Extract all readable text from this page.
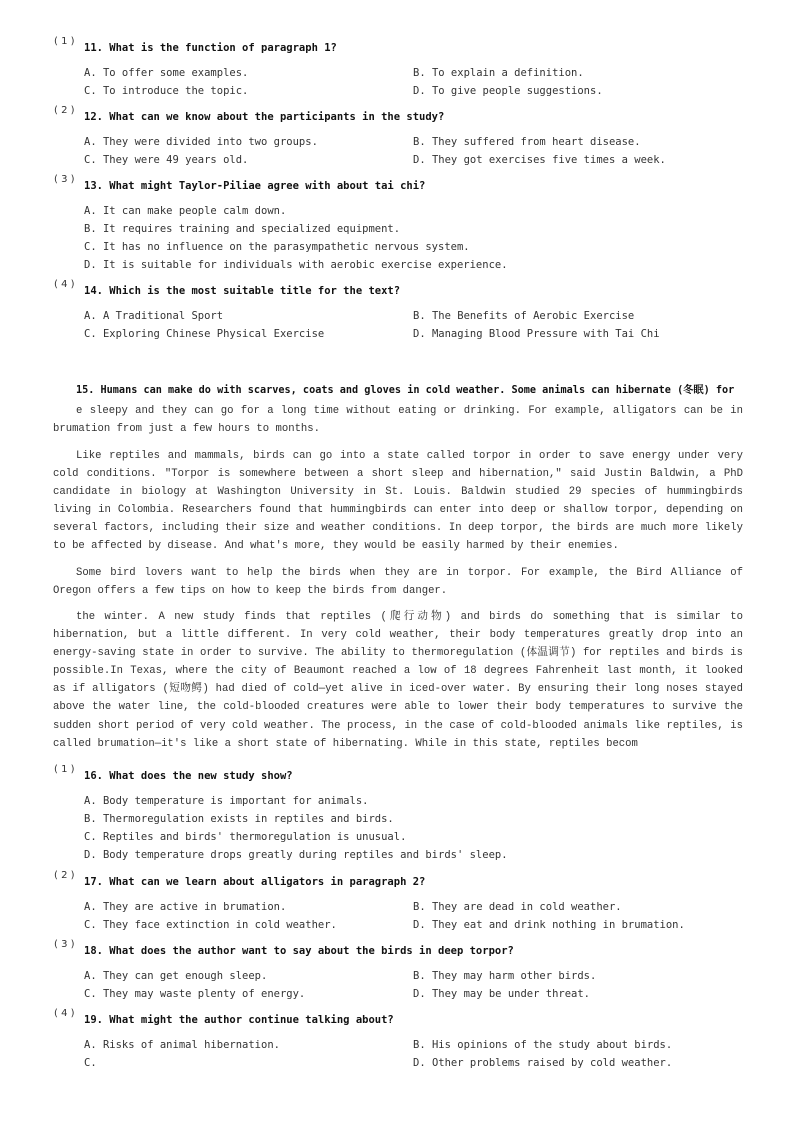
( 1 )
11. What is the function of paragraph 1?
A. To offer some examples.	B. To explain a definition.
C. To introduce the topic.	D. To give people suggestions.
( 2 )
12. What can we know about the participants in the study?
A. They were divided into two groups.	B. They suffered from heart disease.
C. They were 49 years old.	D. They got exercises five times a week.
( 3 )
13. What might Taylor-Piliae agree with about tai chi?
A. It can make people calm down.
B. It requires training and specialized equipment.
C. It has no influence on the parasympathetic nervous system.
D. It is suitable for individuals with aerobic exercise experience.
( 4 )
14. Which is the most suitable title for the text?
A. A Traditional Sport	B. The Benefits of Aerobic Exercise
C. Exploring Chinese Physical Exercise	D. Managing Blood Pressure with Tai Chi
15. Humans can make do with scarves, coats and gloves in cold weather. Some animals can hibernate (冬眠) for

e sleepy and they can go for a long time without eating or drinking. For example, alligators can be in brumation from just a few hours to months.

Like reptiles and mammals, birds can go into a state called torpor in order to save energy under very cold conditions. "Torpor is somewhere between a short sleep and hibernation," said Justin Baldwin, a PhD candidate in biology at Washington University in St. Louis. Baldwin studied 29 species of hummingbirds living in Colombia. Researchers found that hummingbirds can enter into deep or shallow torpor, depending on several factors, including their size and weather conditions. In deep torpor, the birds are much more likely to be affected by disease. And what's more, they would be easily harmed by their enemies.

Some bird lovers want to help the birds when they are in torpor. For example, the Bird Alliance of Oregon offers a few tips on how to keep the birds from danger.

the winter. A new study finds that reptiles (爬行动物) and birds do something that is similar to hibernation, but a little different. In very cold weather, their body temperatures greatly drop into an energy-saving state in order to survive. The ability to thermoregulation (体温调节) for reptiles and birds is possible.In Texas, where the city of Beaumont reached a low of 18 degrees Fahrenheit last month, it looked as if alligators (短吻鳄) had died of cold—yet alive in iced-over water. By ensuring their long noses stayed above the water line, the cold-blooded creatures were able to lower their body temperatures to survive the sudden short period of very cold weather. The process, in the case of cold-blooded animals like reptiles, is called brumation—it's like a short state of hibernating. While in this state, reptiles becom

( 1 )
16. What does the new study show?
A. Body temperature is important for animals.
B. Thermoregulation exists in reptiles and birds.
C. Reptiles and birds' thermoregulation is unusual.
D. Body temperature drops greatly during reptiles and birds' sleep.
( 2 )
17. What can we learn about alligators in paragraph 2?
A. They are active in brumation.	B. They are dead in cold weather.
C. They face extinction in cold weather.	D. They eat and drink nothing in brumation.
( 3 )
18. What does the author want to say about the birds in deep torpor?
A. They can get enough sleep.	B. They may harm other birds.
C. They may waste plenty of energy.	D. They may be under threat.
( 4 )
19. What might the author continue talking about?
A. Risks of animal hibernation.	B. His opinions of the study about birds.
C.	D. Other problems raised by cold weather.
